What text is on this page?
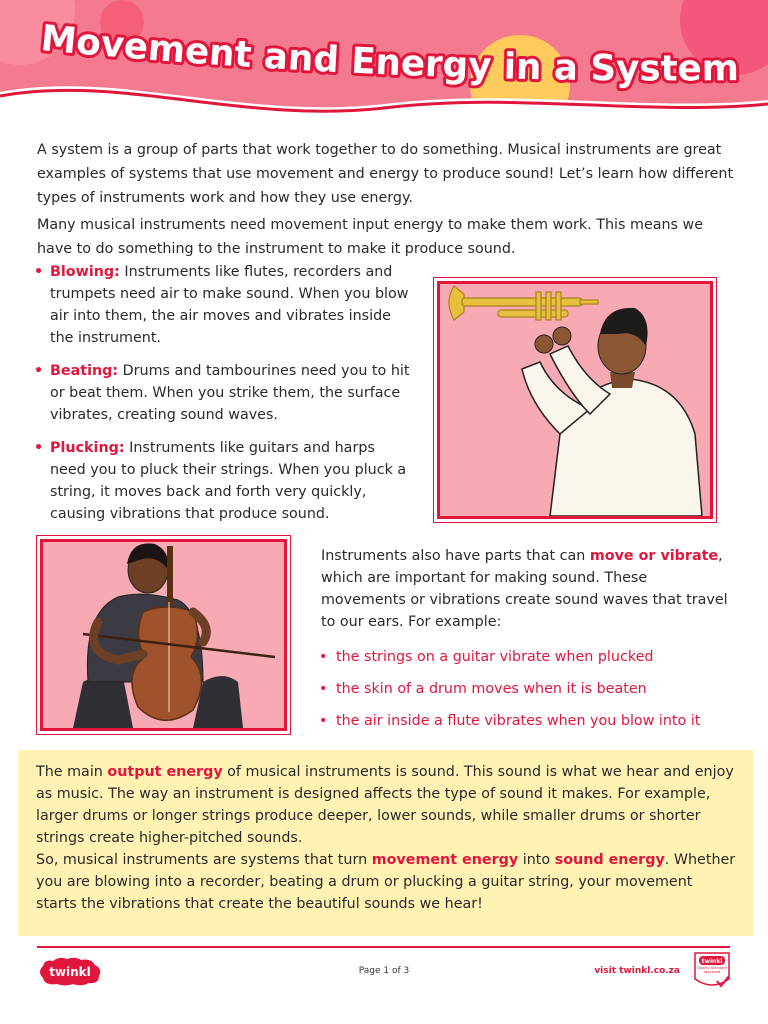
Movement and Energy in a System

A system is a group of parts that work together to do something. Musical instruments are great examples of systems that use movement and energy to produce sound! Let’s learn how different types of instruments work and how they use energy.

Many musical instruments need movement input energy to make them work. This means we have to do something to the instrument to make it produce sound.

• Blowing: Instruments like flutes, recorders and trumpets need air to make sound. When you blow air into them, the air moves and vibrates inside the instrument.
• Beating: Drums and tambourines need you to hit or beat them. When you strike them, the surface vibrates, creating sound waves.
• Plucking: Instruments like guitars and harps need you to pluck their strings. When you pluck a string, it moves back and forth very quickly, causing vibrations that produce sound.

Instruments also have parts that can move or vibrate, which are important for making sound. These movements or vibrations create sound waves that travel to our ears. For example:

• the strings on a guitar vibrate when plucked
• the skin of a drum moves when it is beaten
• the air inside a flute vibrates when you blow into it

The main output energy of musical instruments is sound. This sound is what we hear and enjoy as music. The way an instrument is designed affects the type of sound it makes. For example, larger drums or longer strings produce deeper, lower sounds, while smaller drums or shorter strings create higher-pitched sounds.

So, musical instruments are systems that turn movement energy into sound energy. Whether you are blowing into a recorder, beating a drum or plucking a guitar string, your movement starts the vibrations that create the beautiful sounds we hear!

twinkl	Page 1 of 3	visit twinkl.co.za
twinkl
Quality Standard Approved
